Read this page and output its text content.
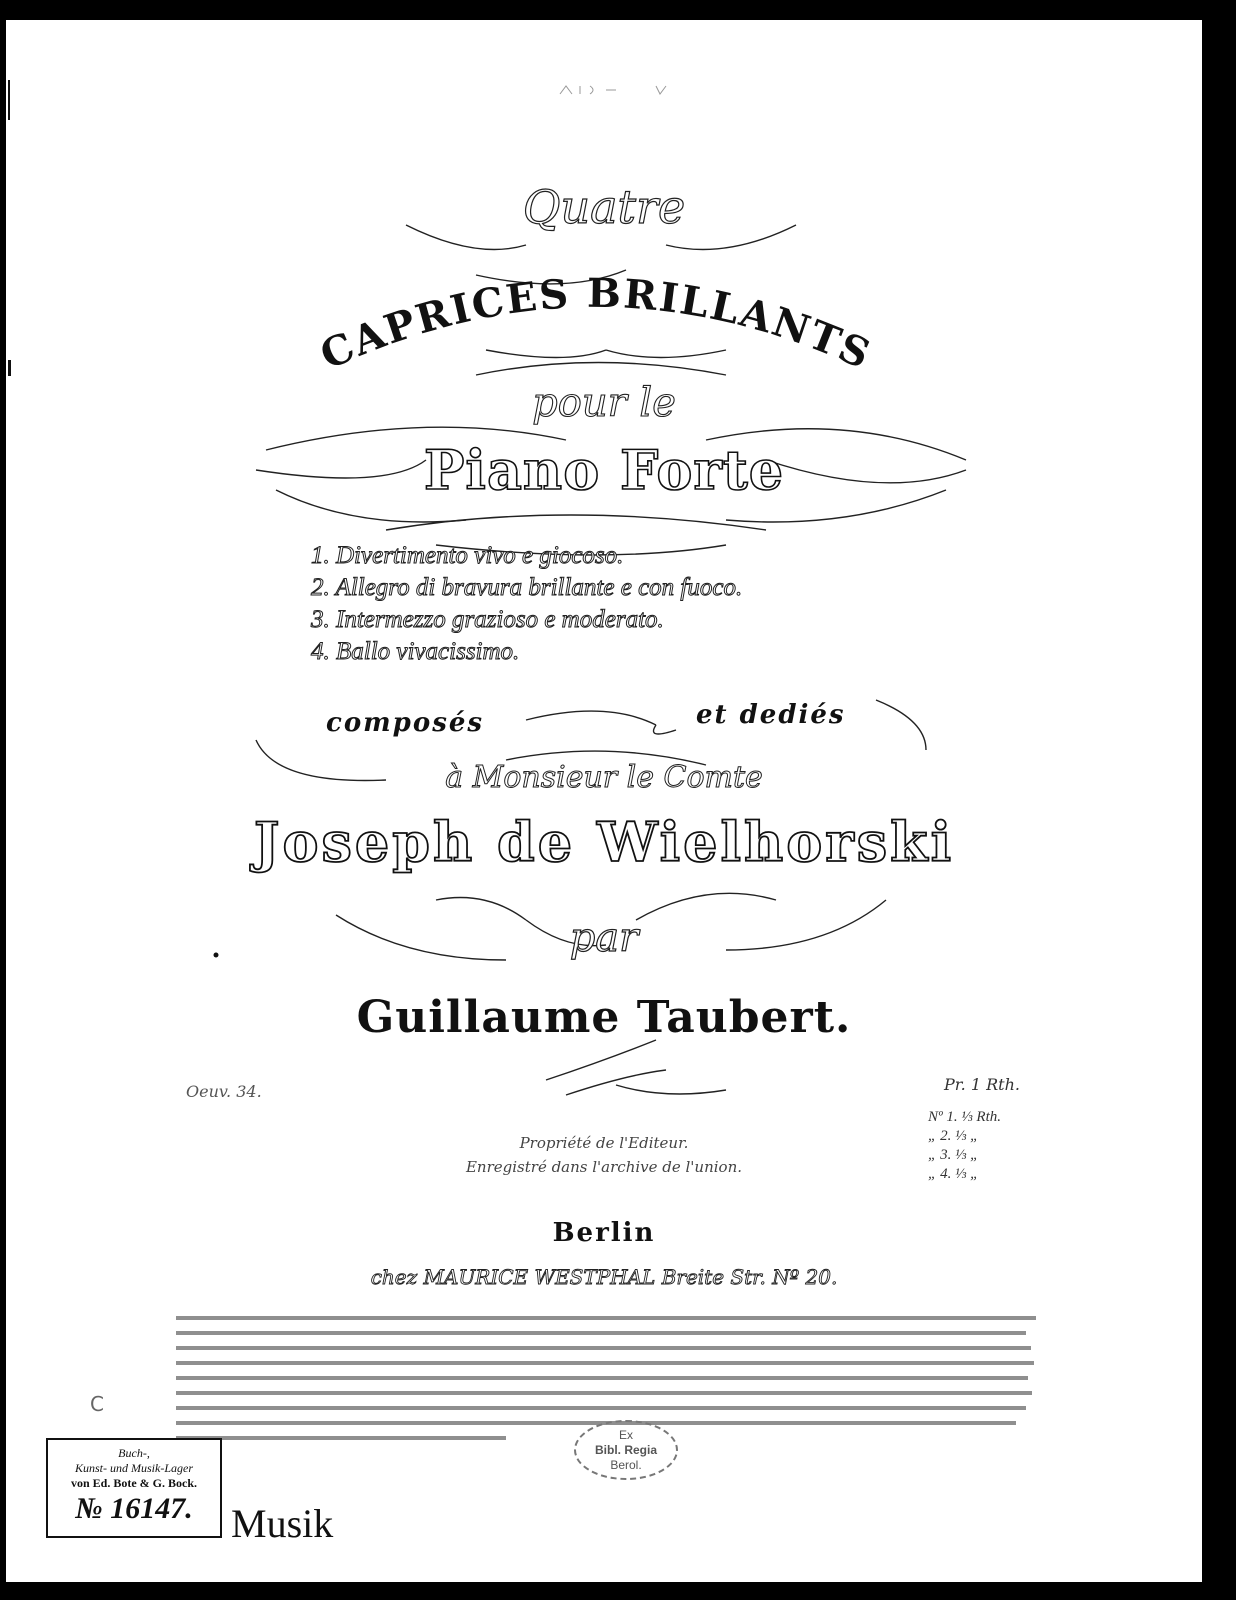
Quatre
CAPRICES BRILLANTS
pour le
Piano Forte
1. Divertimento vivo e giocoso.
2. Allegro di bravura brillante e con fuoco.
3. Intermezzo grazioso e moderato.
4. Ballo vivacissimo.
composés	et dediés
à Monsieur le Comte
Joseph de Wielhorski
par
Guillaume Taubert.
Oeuv. 34.	Pr. 1 Rth.
Nº 1. ⅓ Rth.
„ 2. ⅓ „
„ 3. ⅓ „
„ 4. ⅓ „
Propriété de l'Editeur.
Enregistré dans l'archive de l'union.
Berlin
chez MAURICE WESTPHAL Breite Str. Nº 20.
C
Ex
Bibl. Regia
Berol.
Buch-,
Kunst- und Musik-Lager
von Ed. Bote & G. Bock.
№ 16147. Musik
